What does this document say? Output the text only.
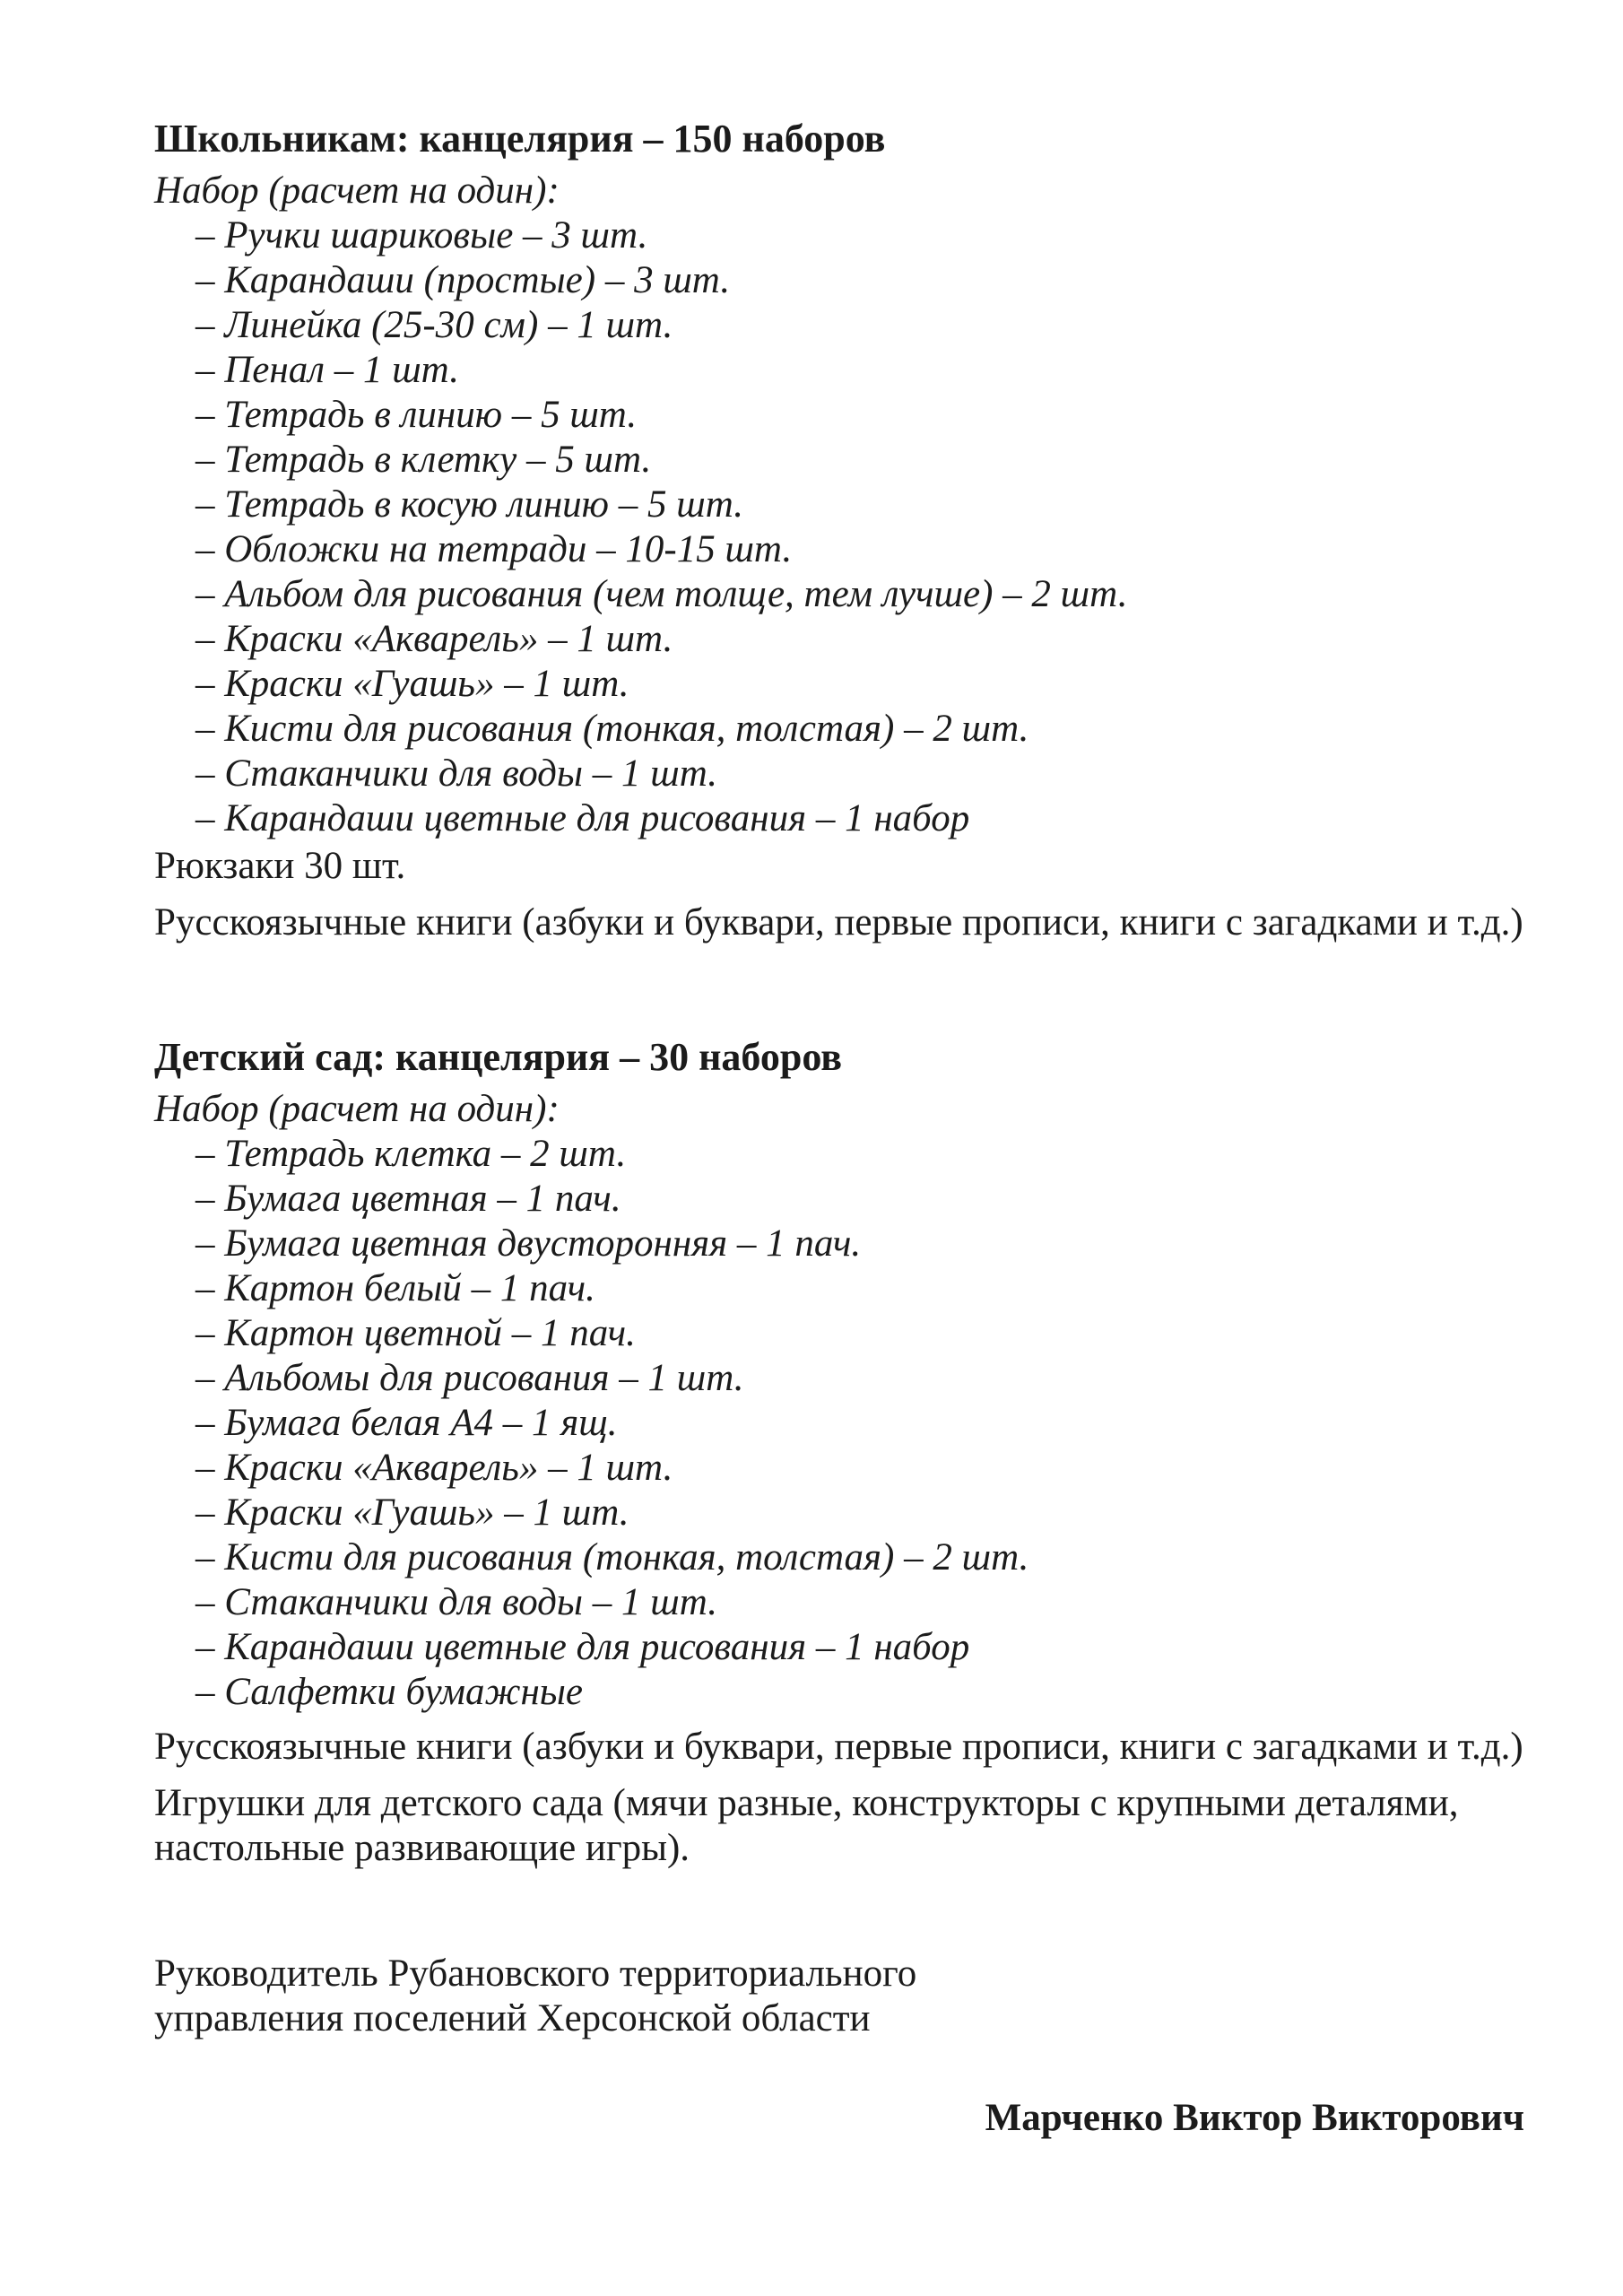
Школьникам: канцелярия – 150 наборов

Набор (расчет на один):

– Ручки шариковые – 3 шт.
– Карандаши (простые) – 3 шт.
– Линейка (25-30 см) – 1 шт.
– Пенал – 1 шт.
– Тетрадь в линию – 5 шт.
– Тетрадь в клетку – 5 шт.
– Тетрадь в косую линию – 5 шт.
– Обложки на тетради – 10-15 шт.
– Альбом для рисования (чем толще, тем лучше) – 2 шт.
– Краски «Акварель» – 1 шт.
– Краски «Гуашь» – 1 шт.
– Кисти для рисования (тонкая, толстая) – 2 шт.
– Стаканчики для воды – 1 шт.
– Карандаши цветные для рисования – 1 набор

Рюкзаки 30 шт.

Русскоязычные книги (азбуки и буквари, первые прописи, книги с загадками и т.д.)

Детский сад: канцелярия – 30 наборов

Набор (расчет на один):

– Тетрадь клетка – 2 шт.
– Бумага цветная – 1 пач.
– Бумага цветная двусторонняя – 1 пач.
– Картон белый – 1 пач.
– Картон цветной – 1 пач.
– Альбомы для рисования – 1 шт.
– Бумага белая А4 – 1 ящ.
– Краски «Акварель» – 1 шт.
– Краски «Гуашь» – 1 шт.
– Кисти для рисования (тонкая, толстая) – 2 шт.
– Стаканчики для воды – 1 шт.
– Карандаши цветные для рисования – 1 набор
– Салфетки бумажные

Русскоязычные книги (азбуки и буквари, первые прописи, книги с загадками и т.д.)

Игрушки для детского сада (мячи разные, конструкторы с крупными деталями, настольные развивающие игры).

Руководитель Рубановского территориального
управления поселений Херсонской области

Марченко Виктор Викторович
